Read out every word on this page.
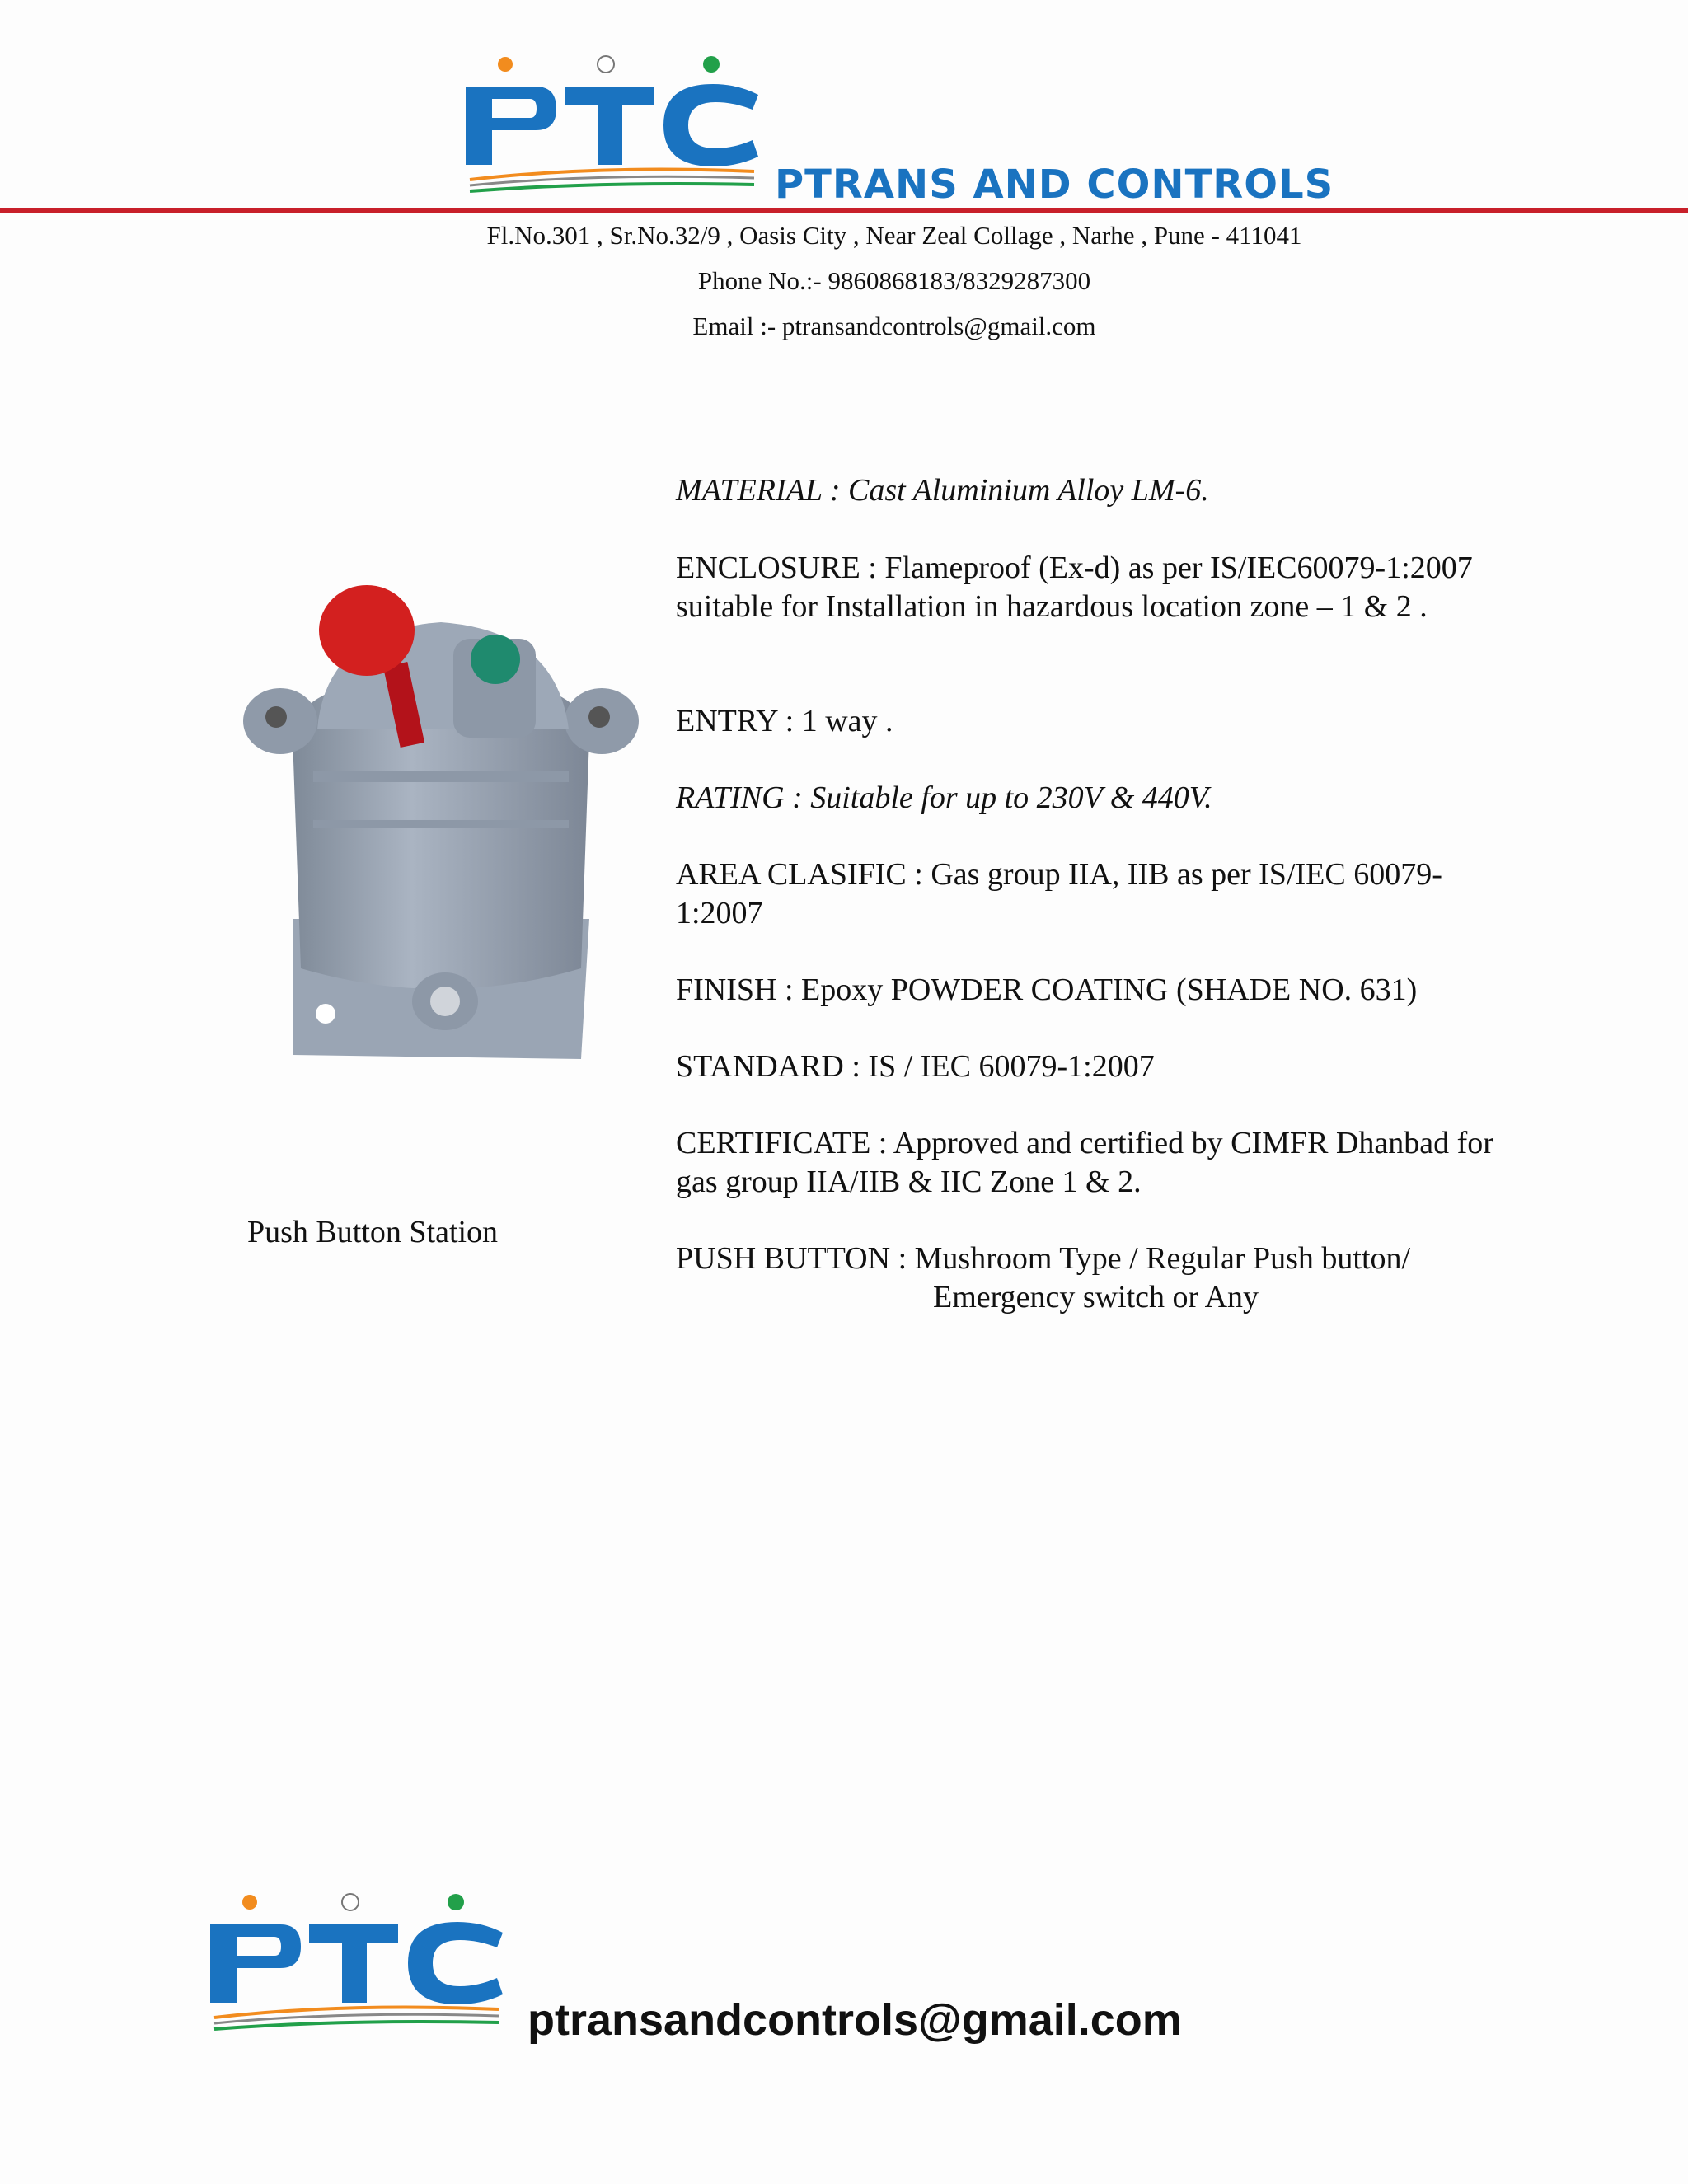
PTC
PTRANS AND CONTROLS
Fl.No.301 , Sr.No.32/9 , Oasis City , Near Zeal Collage , Narhe , Pune - 411041
Phone No.:- 9860868183/8329287300
Email :- ptransandcontrols@gmail.com
Push Button Station
MATERIAL : Cast Aluminium Alloy LM-6.
ENCLOSURE : Flameproof (Ex-d) as per IS/IEC60079-1:2007 suitable for Installation in hazardous location zone – 1 & 2 .
ENTRY : 1 way .
RATING : Suitable for up to 230V & 440V.
AREA CLASIFIC : Gas group IIA, IIB as per IS/IEC 60079-1:2007
FINISH : Epoxy POWDER COATING (SHADE NO. 631)
STANDARD : IS / IEC 60079-1:2007
CERTIFICATE : Approved and certified by CIMFR Dhanbad for gas group IIA/IIB & IIC Zone 1 & 2.
PUSH BUTTON : Mushroom Type / Regular Push button/
Emergency switch or Any
PTC
ptransandcontrols@gmail.com
